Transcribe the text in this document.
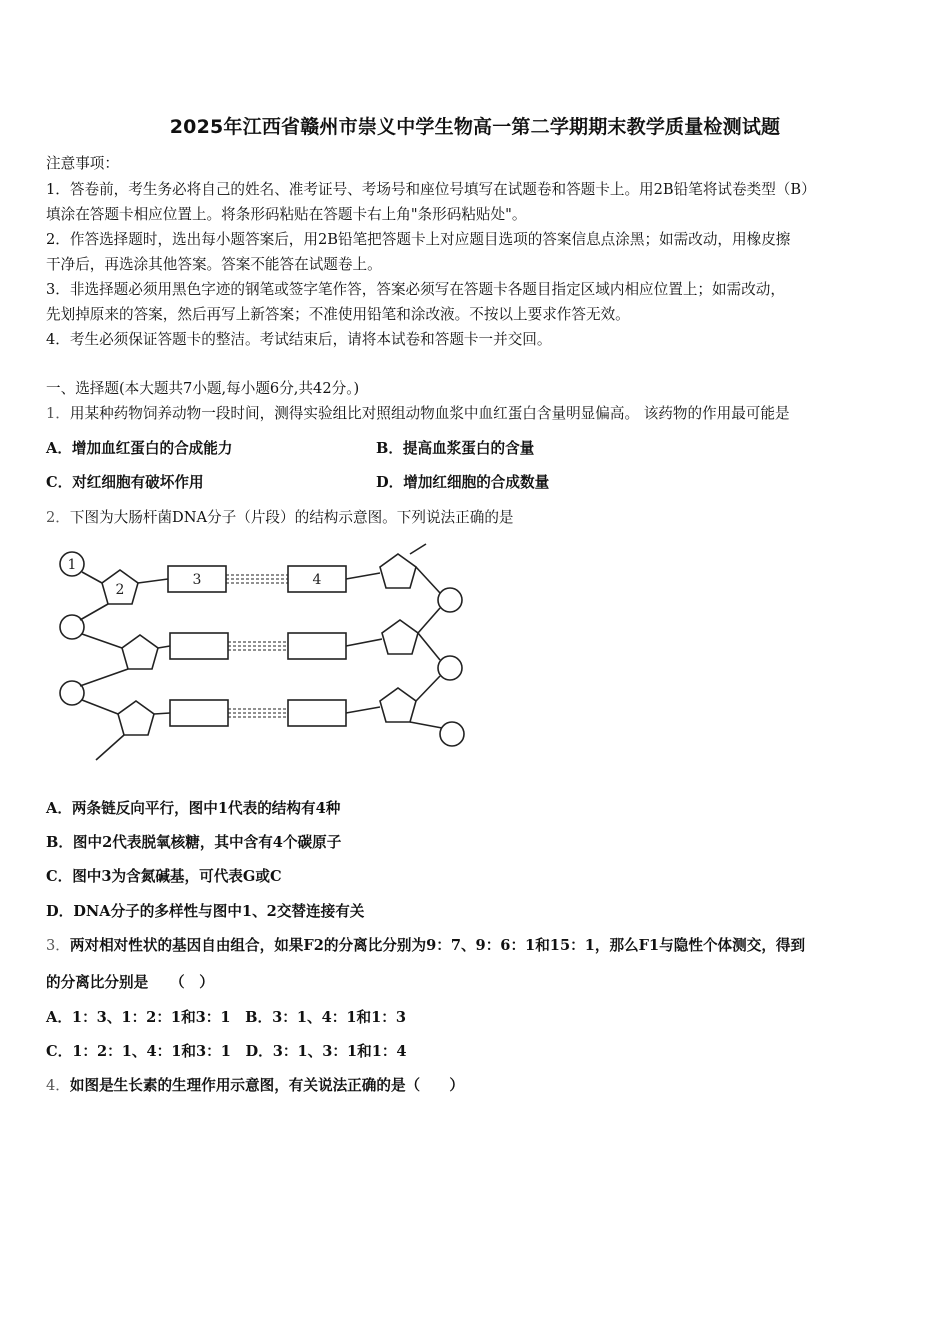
2025年江西省赣州市崇义中学生物高一第二学期期末教学质量检测试题
注意事项：
1．答卷前，考生务必将自己的姓名、准考证号、考场号和座位号填写在试题卷和答题卡上。用2B铅笔将试卷类型（B）
填涂在答题卡相应位置上。将条形码粘贴在答题卡右上角"条形码粘贴处"。
2．作答选择题时，选出每小题答案后，用2B铅笔把答题卡上对应题目选项的答案信息点涂黑；如需改动，用橡皮擦
干净后，再选涂其他答案。答案不能答在试题卷上。
3．非选择题必须用黑色字迹的钢笔或签字笔作答，答案必须写在答题卡各题目指定区域内相应位置上；如需改动，
先划掉原来的答案，然后再写上新答案；不准使用铅笔和涂改液。不按以上要求作答无效。
4．考生必须保证答题卡的整洁。考试结束后，请将本试卷和答题卡一并交回。
一、选择题(本大题共7小题,每小题6分,共42分。)
1．用某种药物饲养动物一段时间，测得实验组比对照组动物血浆中血红蛋白含量明显偏高。 该药物的作用最可能是
A．增加血红蛋白的合成能力	B．提高血浆蛋白的含量
C．对红细胞有破坏作用	D．增加红细胞的合成数量
2．下图为大肠杆菌DNA分子（片段）的结构示意图。下列说法正确的是
1
2
3	4
A．两条链反向平行，图中1代表的结构有4种
B．图中2代表脱氧核糖，其中含有4个碳原子
C．图中3为含氮碱基，可代表G或C
D．DNA分子的多样性与图中1、2交替连接有关
3．两对相对性状的基因自由组合，如果F2的分离比分别为9：7、9：6：1和15：1，那么F1与隐性个体测交，得到
的分离比分别是　　（　）
A．1：3、1：2：1和3：1　B．3：1、4：1和1：3
C．1：2：1、4：1和3：1　D．3：1、3：1和1：4
4．如图是生长素的生理作用示意图，有关说法正确的是（　　）
